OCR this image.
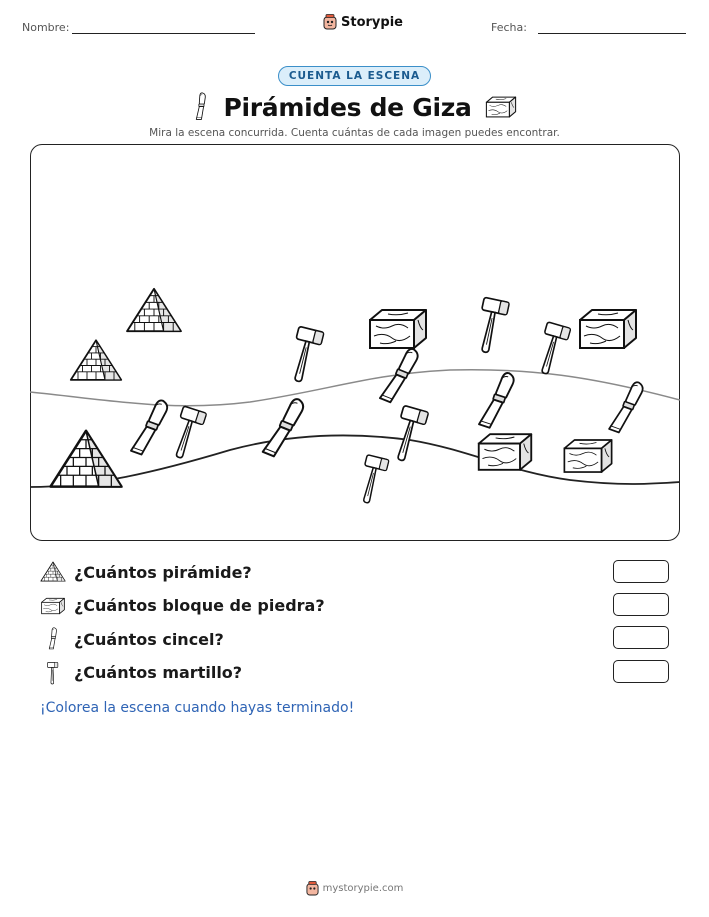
Nombre:	Storypie	Fecha:
CUENTA LA ESCENA
Pirámides de Giza
Mira la escena concurrida. Cuenta cuántas de cada imagen puedes encontrar.
¿Cuántos pirámide?
¿Cuántos bloque de piedra?
¿Cuántos cincel?
¿Cuántos martillo?
¡Colorea la escena cuando hayas terminado!
mystorypie.com
